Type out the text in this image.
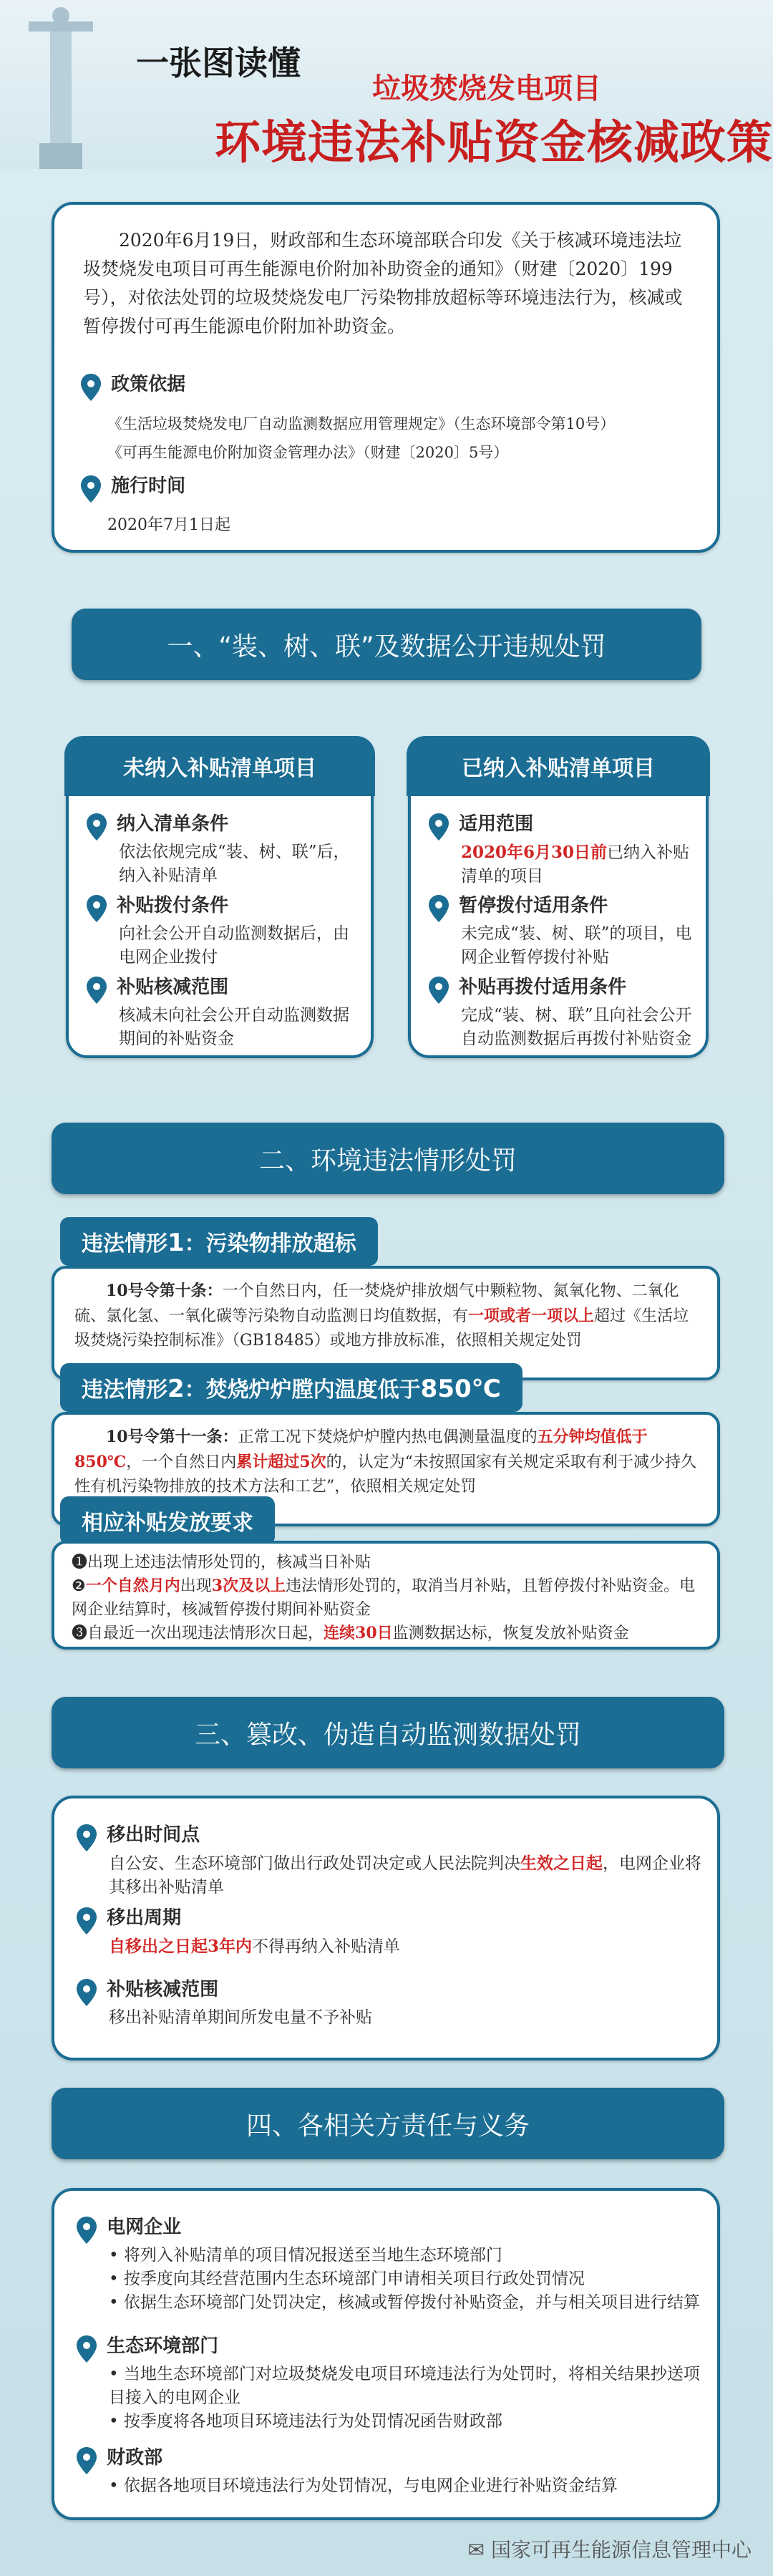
一张图读懂
垃圾焚烧发电项目
环境违法补贴资金核减政策
2020年6月19日，财政部和生态环境部联合印发《关于核减环境违法垃圾焚烧发电项目可再生能源电价附加补助资金的通知》（财建〔2020〕199号），对依法处罚的垃圾焚烧发电厂污染物排放超标等环境违法行为，核减或暂停拨付可再生能源电价附加补助资金。
政策依据
《生活垃圾焚烧发电厂自动监测数据应用管理规定》（生态环境部令第10号）
《可再生能源电价附加资金管理办法》（财建〔2020〕5号）
施行时间
2020年7月1日起
一、“装、树、联”及数据公开违规处罚
未纳入补贴清单项目
纳入清单条件
依法依规完成“装、树、联”后，纳入补贴清单
补贴拨付条件
向社会公开自动监测数据后，由电网企业拨付
补贴核减范围
核减未向社会公开自动监测数据期间的补贴资金
已纳入补贴清单项目
适用范围
2020年6月30日前已纳入补贴清单的项目
暂停拨付适用条件
未完成“装、树、联”的项目，电网企业暂停拨付补贴
补贴再拨付适用条件
完成“装、树、联”且向社会公开自动监测数据后再拨付补贴资金
二、环境违法情形处罚
违法情形1：污染物排放超标
10号令第十条：一个自然日内，任一焚烧炉排放烟气中颗粒物、氮氧化物、二氧化硫、氯化氢、一氧化碳等污染物自动监测日均值数据，有一项或者一项以上超过《生活垃圾焚烧污染控制标准》（GB18485）或地方排放标准，依照相关规定处罚
违法情形2：焚烧炉炉膛内温度低于850℃
10号令第十一条：正常工况下焚烧炉炉膛内热电偶测量温度的五分钟均值低于850℃，一个自然日内累计超过5次的，认定为“未按照国家有关规定采取有利于减少持久性有机污染物排放的技术方法和工艺”，依照相关规定处罚
相应补贴发放要求
❶出现上述违法情形处罚的，核减当日补贴
❷一个自然月内出现3次及以上违法情形处罚的，取消当月补贴，且暂停拨付补贴资金。电网企业结算时，核减暂停拨付期间补贴资金
❸自最近一次出现违法情形次日起，连续30日监测数据达标，恢复发放补贴资金
三、篡改、伪造自动监测数据处罚
移出时间点
自公安、生态环境部门做出行政处罚决定或人民法院判决生效之日起，电网企业将其移出补贴清单
移出周期
自移出之日起3年内不得再纳入补贴清单
补贴核减范围
移出补贴清单期间所发电量不予补贴
四、各相关方责任与义务
电网企业
• 将列入补贴清单的项目情况报送至当地生态环境部门
• 按季度向其经营范围内生态环境部门申请相关项目行政处罚情况
• 依据生态环境部门处罚决定，核减或暂停拨付补贴资金，并与相关项目进行结算
生态环境部门
• 当地生态环境部门对垃圾焚烧发电项目环境违法行为处罚时，将相关结果抄送项目接入的电网企业
• 按季度将各地项目环境违法行为处罚情况函告财政部
财政部
• 依据各地项目环境违法行为处罚情况，与电网企业进行补贴资金结算
✉ 国家可再生能源信息管理中心
